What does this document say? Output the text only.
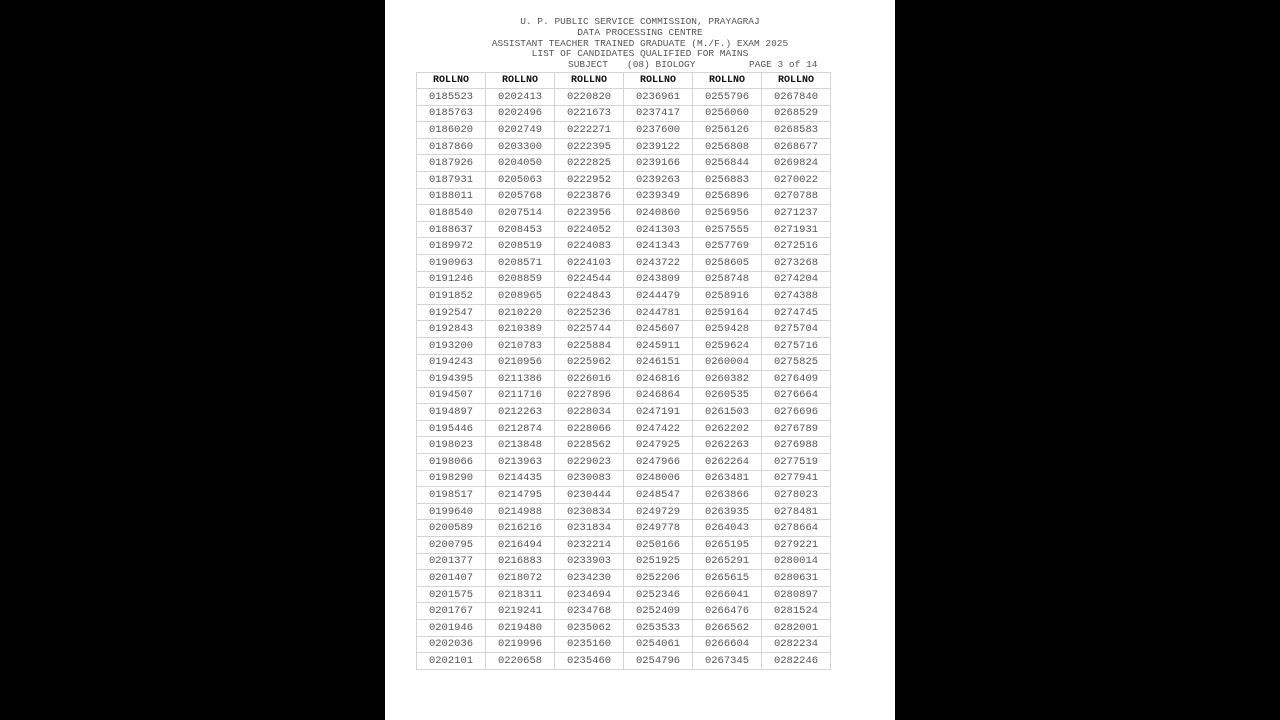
U. P. PUBLIC SERVICE COMMISSION, PRAYAGRAJ
DATA PROCESSING CENTRE
ASSISTANT TEACHER TRAINED GRADUATE (M./F.) EXAM 2025
LIST OF CANDIDATES QUALIFIED FOR MAINS
SUBJECT (08) BIOLOGY	PAGE 3 of 14
ROLLNO	ROLLNO	ROLLNO	ROLLNO	ROLLNO	ROLLNO
0185523	0202413	0220820	0236961	0255796	0267840
0185763	0202496	0221673	0237417	0256060	0268529
0186020	0202749	0222271	0237600	0256126	0268583
0187860	0203300	0222395	0239122	0256808	0268677
0187926	0204050	0222825	0239166	0256844	0269824
0187931	0205063	0222952	0239263	0256883	0270022
0188011	0205768	0223876	0239349	0256896	0270788
0188540	0207514	0223956	0240860	0256956	0271237
0188637	0208453	0224052	0241303	0257555	0271931
0189972	0208519	0224083	0241343	0257769	0272516
0190963	0208571	0224103	0243722	0258605	0273268
0191246	0208859	0224544	0243809	0258748	0274204
0191852	0208965	0224843	0244479	0258916	0274388
0192547	0210220	0225236	0244781	0259164	0274745
0192843	0210389	0225744	0245607	0259428	0275704
0193200	0210783	0225884	0245911	0259624	0275716
0194243	0210956	0225962	0246151	0260004	0275825
0194395	0211386	0226016	0246816	0260382	0276409
0194507	0211716	0227896	0246864	0260535	0276664
0194897	0212263	0228034	0247191	0261503	0276696
0195446	0212874	0228066	0247422	0262202	0276789
0198023	0213848	0228562	0247925	0262263	0276988
0198066	0213963	0229023	0247966	0262264	0277519
0198290	0214435	0230083	0248006	0263481	0277941
0198517	0214795	0230444	0248547	0263866	0278023
0199640	0214988	0230834	0249729	0263935	0278481
0200589	0216216	0231834	0249778	0264043	0278664
0200795	0216494	0232214	0250166	0265195	0279221
0201377	0216883	0233903	0251925	0265291	0280014
0201407	0218072	0234230	0252206	0265615	0280631
0201575	0218311	0234694	0252346	0266041	0280897
0201767	0219241	0234768	0252409	0266476	0281524
0201946	0219480	0235062	0253533	0266562	0282001
0202036	0219996	0235160	0254061	0266604	0282234
0202101	0220658	0235460	0254796	0267345	0282246
